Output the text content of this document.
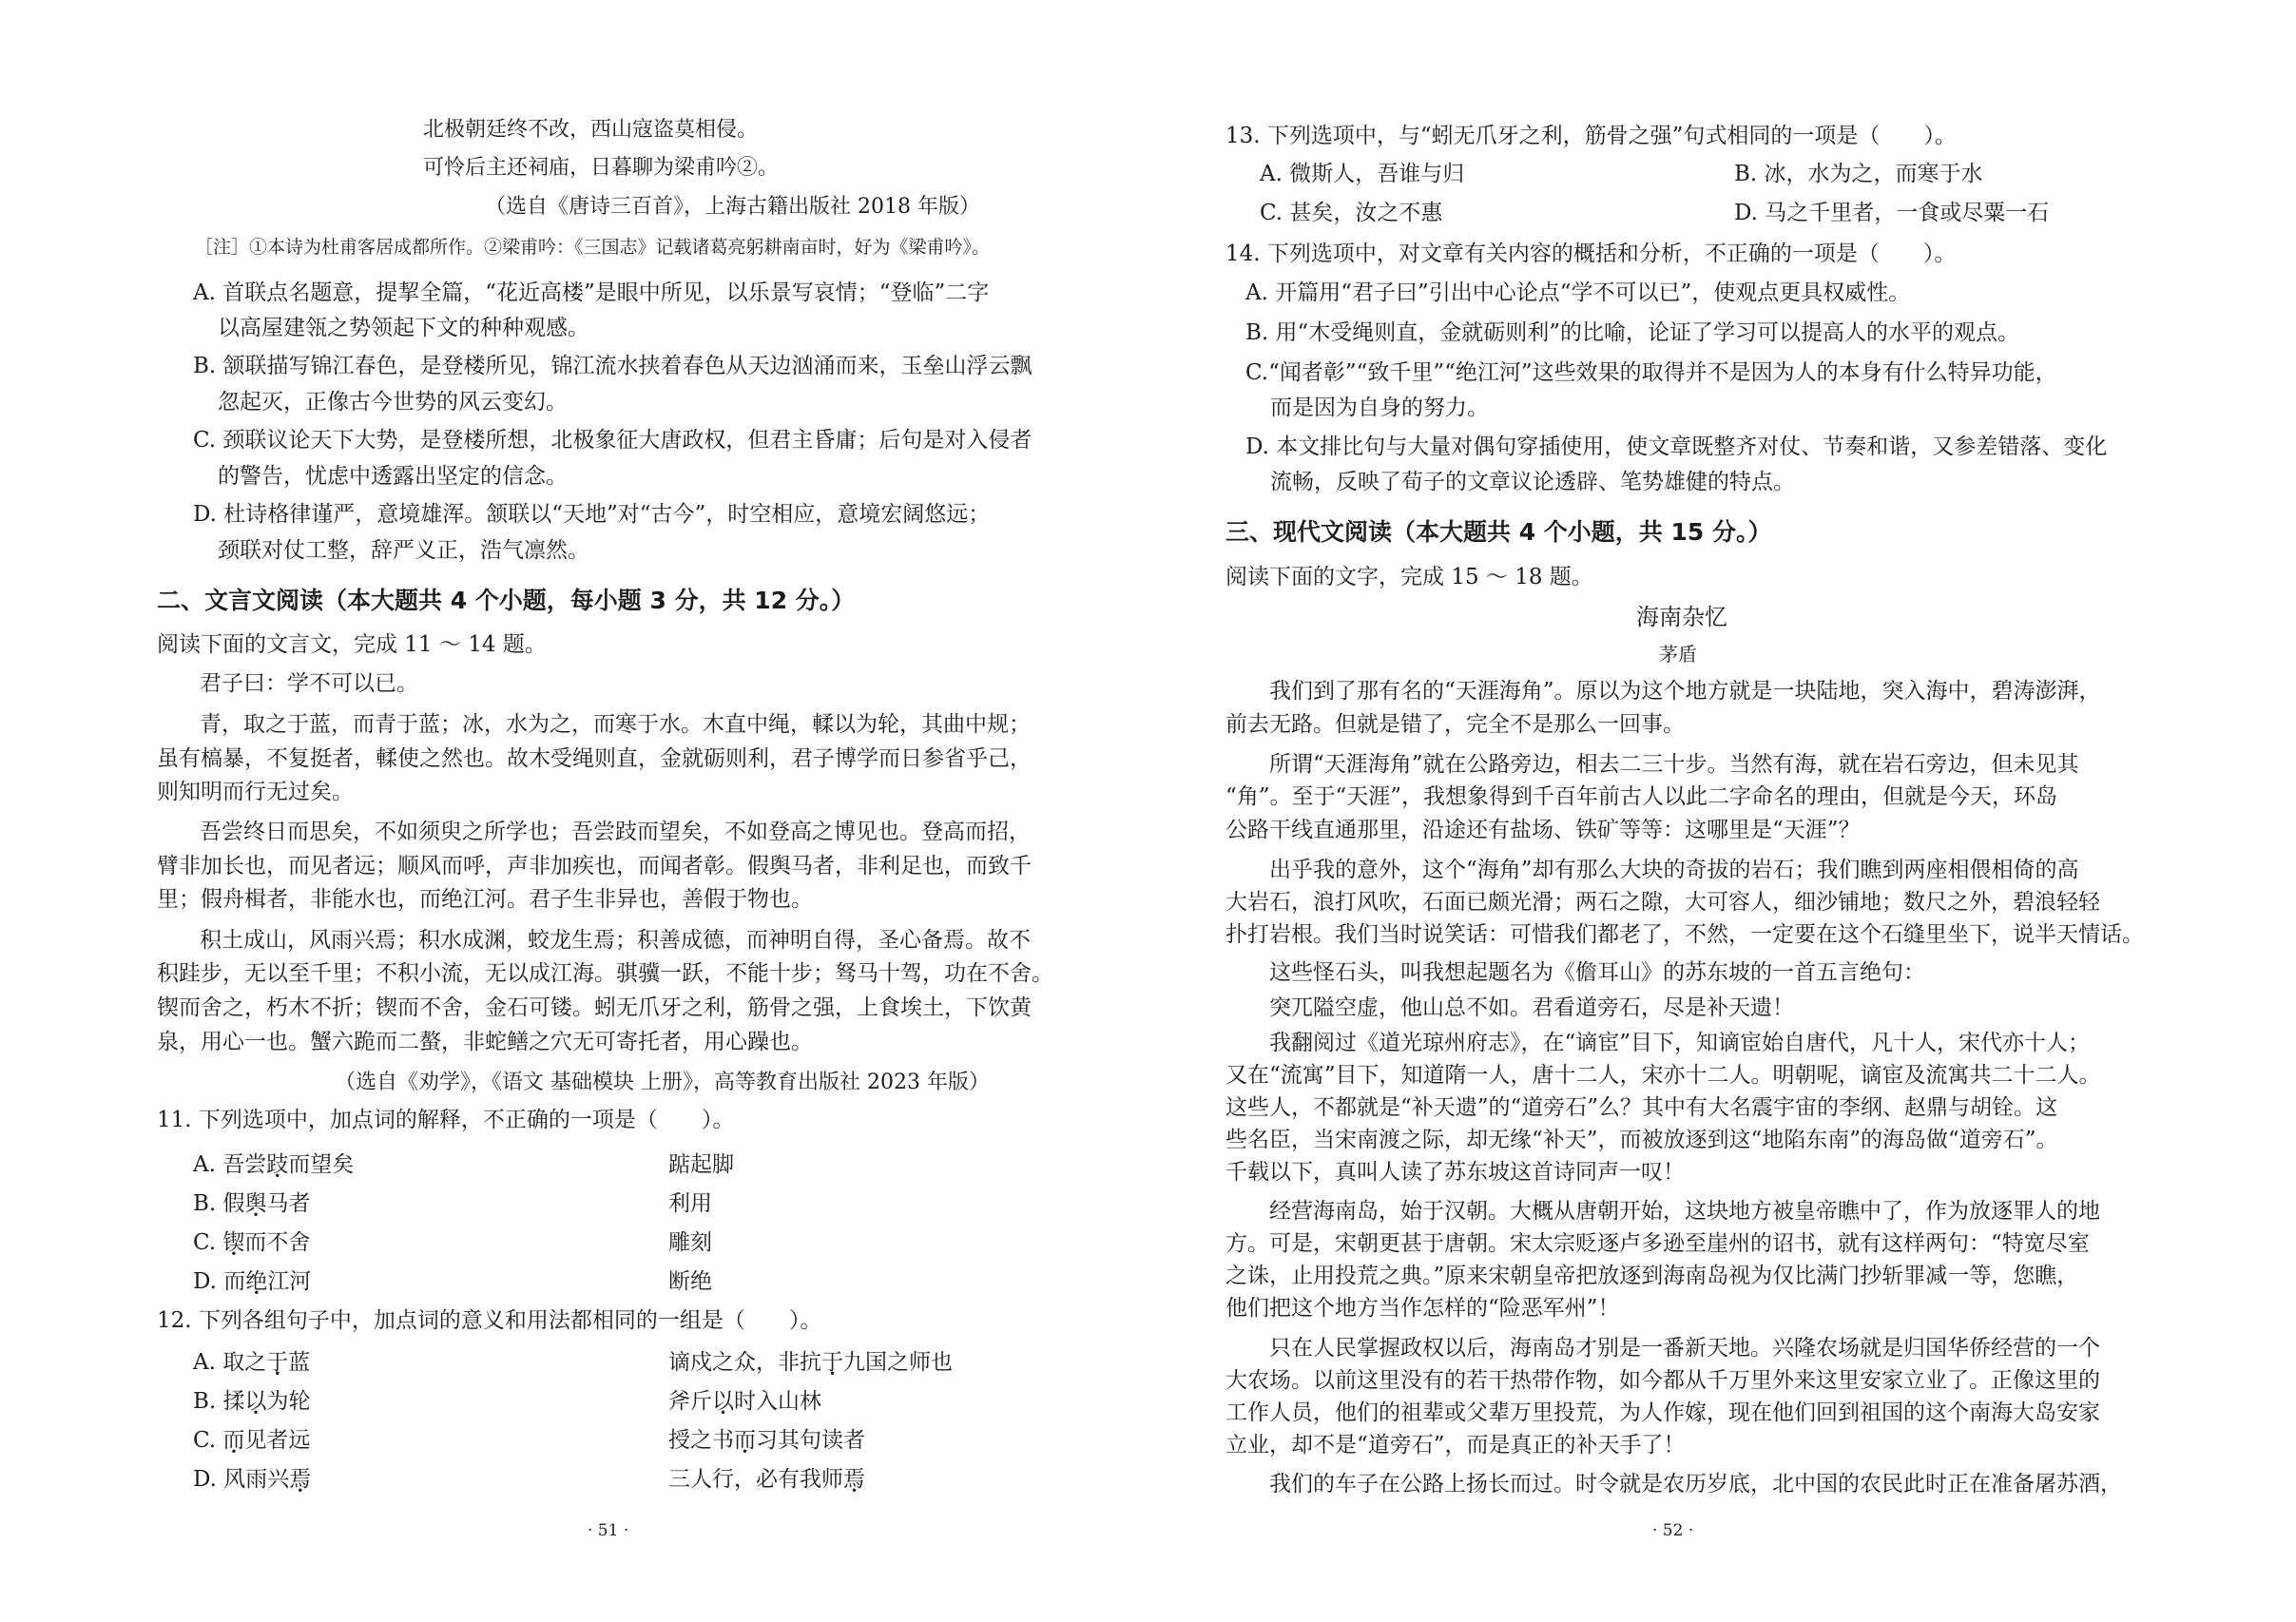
北极朝廷终不改，西山寇盗莫相侵。
可怜后主还祠庙，日暮聊为梁甫吟②。
（选自《唐诗三百首》，上海古籍出版社 2018 年版）
［注］①本诗为杜甫客居成都所作。②梁甫吟：《三国志》记载诸葛亮躬耕南亩时，好为《梁甫吟》。
A. 首联点名题意，提挈全篇，“花近高楼”是眼中所见，以乐景写哀情；“登临”二字
以高屋建瓴之势领起下文的种种观感。
B. 颔联描写锦江春色，是登楼所见，锦江流水挟着春色从天边汹涌而来，玉垒山浮云飘
忽起灭，正像古今世势的风云变幻。
C. 颈联议论天下大势，是登楼所想，北极象征大唐政权，但君主昏庸；后句是对入侵者
的警告，忧虑中透露出坚定的信念。
D. 杜诗格律谨严，意境雄浑。颔联以“天地”对“古今”，时空相应，意境宏阔悠远；
颈联对仗工整，辞严义正，浩气凛然。
二、文言文阅读（本大题共 4 个小题，每小题 3 分，共 12 分。）
阅读下面的文言文，完成 11 ～ 14 题。
君子曰：学不可以已。
青，取之于蓝，而青于蓝；冰，水为之，而寒于水。木直中绳，輮以为轮，其曲中规；
虽有槁暴，不复挺者，輮使之然也。故木受绳则直，金就砺则利，君子博学而日参省乎己，
则知明而行无过矣。
吾尝终日而思矣，不如须臾之所学也；吾尝跂而望矣，不如登高之博见也。登高而招，
臂非加长也，而见者远；顺风而呼，声非加疾也，而闻者彰。假舆马者，非利足也，而致千
里；假舟楫者，非能水也，而绝江河。君子生非异也，善假于物也。
积土成山，风雨兴焉；积水成渊，蛟龙生焉；积善成德，而神明自得，圣心备焉。故不
积跬步，无以至千里；不积小流，无以成江海。骐骥一跃，不能十步；驽马十驾，功在不舍。
锲而舍之，朽木不折；锲而不舍，金石可镂。蚓无爪牙之利，筋骨之强，上食埃土，下饮黄
泉，用心一也。蟹六跪而二螯，非蛇鳝之穴无可寄托者，用心躁也。
（选自《劝学》，《语文 基础模块 上册》，高等教育出版社 2023 年版）
11. 下列选项中，加点词的解释，不正确的一项是（　　）。
A. 吾尝跂而望矣	踮起脚
B. 假舆马者	利用
C. 锲而不舍	雕刻
D. 而绝江河	断绝
12. 下列各组句子中，加点词的意义和用法都相同的一组是（　　）。
A. 取之于蓝	谪戍之众，非抗于九国之师也
B. 揉以为轮	斧斤以时入山林
C. 而见者远	授之书而习其句读者
D. 风雨兴焉	三人行，必有我师焉
· 51 ·
13. 下列选项中，与“蚓无爪牙之利，筋骨之强”句式相同的一项是（　　）。
A. 微斯人，吾谁与归	B. 冰，水为之，而寒于水
C. 甚矣，汝之不惠	D. 马之千里者，一食或尽粟一石
14. 下列选项中，对文章有关内容的概括和分析，不正确的一项是（　　）。
A. 开篇用“君子曰”引出中心论点“学不可以已”，使观点更具权威性。
B. 用“木受绳则直，金就砺则利”的比喻，论证了学习可以提高人的水平的观点。
C.“闻者彰”“致千里”“绝江河”这些效果的取得并不是因为人的本身有什么特异功能，
而是因为自身的努力。
D. 本文排比句与大量对偶句穿插使用，使文章既整齐对仗、节奏和谐，又参差错落、变化
流畅，反映了荀子的文章议论透辟、笔势雄健的特点。
三、现代文阅读（本大题共 4 个小题，共 15 分。）
阅读下面的文字，完成 15 ～ 18 题。
海南杂忆
茅盾
我们到了那有名的“天涯海角”。原以为这个地方就是一块陆地，突入海中，碧涛澎湃，
前去无路。但就是错了，完全不是那么一回事。
所谓“天涯海角”就在公路旁边，相去二三十步。当然有海，就在岩石旁边，但未见其
“角”。至于“天涯”，我想象得到千百年前古人以此二字命名的理由，但就是今天，环岛
公路干线直通那里，沿途还有盐场、铁矿等等：这哪里是“天涯”？
出乎我的意外，这个“海角”却有那么大块的奇拔的岩石；我们瞧到两座相偎相倚的高
大岩石，浪打风吹，石面已颇光滑；两石之隙，大可容人，细沙铺地；数尺之外，碧浪轻轻
扑打岩根。我们当时说笑话：可惜我们都老了，不然，一定要在这个石缝里坐下，说半天情话。
这些怪石头，叫我想起题名为《儋耳山》的苏东坡的一首五言绝句：
突兀隘空虚，他山总不如。君看道旁石，尽是补天遗！
我翻阅过《道光琼州府志》，在“谪宦”目下，知谪宦始自唐代，凡十人，宋代亦十人；
又在“流寓”目下，知道隋一人，唐十二人，宋亦十二人。明朝呢，谪宦及流寓共二十二人。
这些人，不都就是“补天遗”的“道旁石”么？其中有大名震宇宙的李纲、赵鼎与胡铨。这
些名臣，当宋南渡之际，却无缘“补天”，而被放逐到这“地陷东南”的海岛做“道旁石”。
千载以下，真叫人读了苏东坡这首诗同声一叹！
经营海南岛，始于汉朝。大概从唐朝开始，这块地方被皇帝瞧中了，作为放逐罪人的地
方。可是，宋朝更甚于唐朝。宋太宗贬逐卢多逊至崖州的诏书，就有这样两句：“特宽尽室
之诛，止用投荒之典。”原来宋朝皇帝把放逐到海南岛视为仅比满门抄斩罪减一等，您瞧，
他们把这个地方当作怎样的“险恶军州”！
只在人民掌握政权以后，海南岛才别是一番新天地。兴隆农场就是归国华侨经营的一个
大农场。以前这里没有的若干热带作物，如今都从千万里外来这里安家立业了。正像这里的
工作人员，他们的祖辈或父辈万里投荒，为人作嫁，现在他们回到祖国的这个南海大岛安家
立业，却不是“道旁石”，而是真正的补天手了！
我们的车子在公路上扬长而过。时令就是农历岁底，北中国的农民此时正在准备屠苏酒，
· 52 ·
